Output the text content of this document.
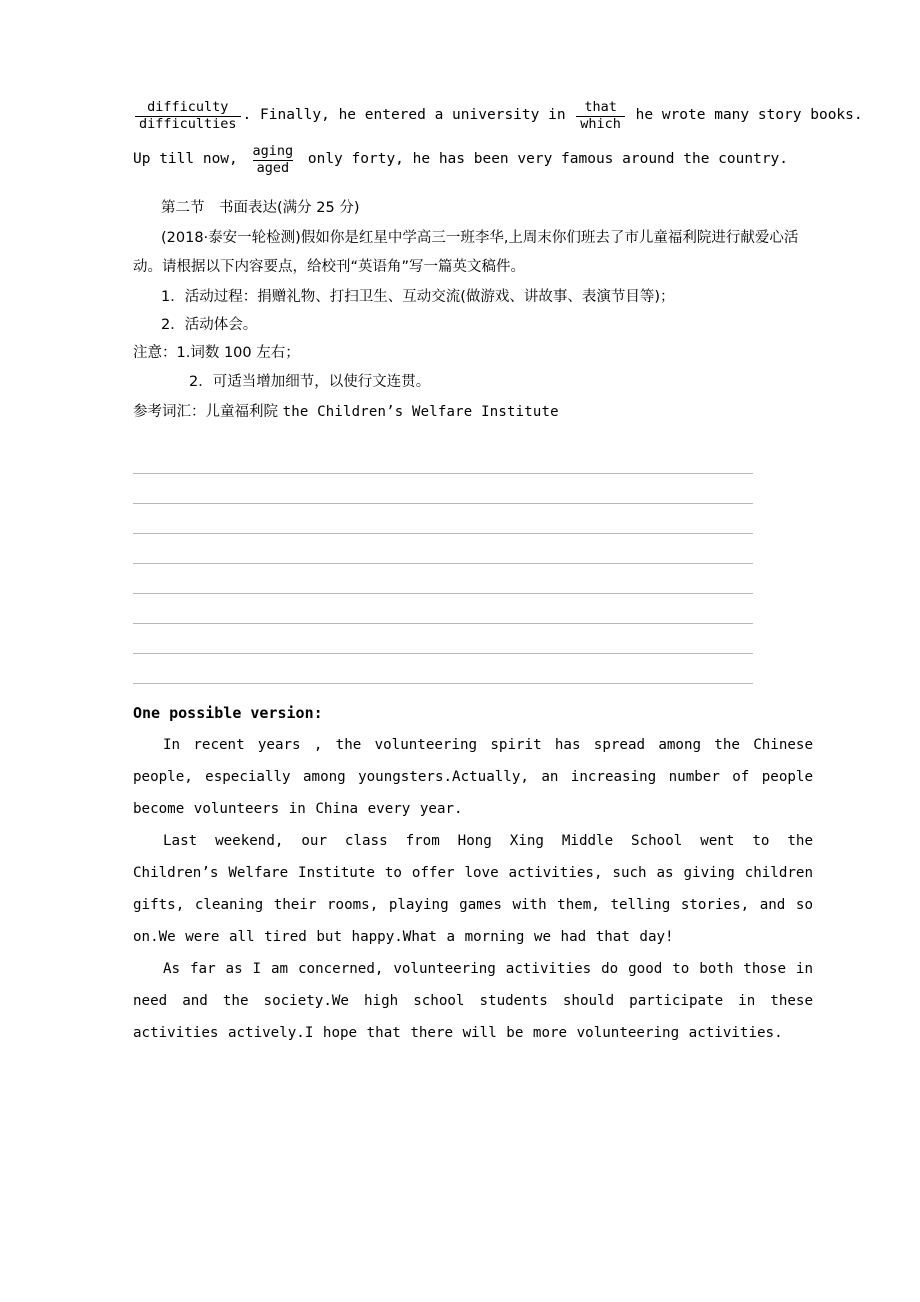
$\frac{\text{difficulty}}{\text{difficulties}}$ . Finally, he entered a university in $\frac{\text{that}}{\text{which}}$ he wrote many story books.
Up till now, $\frac{\text{aging}}{\text{aged}}$ only forty, he has been very famous around the country.
第二节　书面表达(满分 25 分)
(2018·泰安一轮检测)假如你是红星中学高三一班李华,上周末你们班去了市儿童福利院进行献爱心活动。请根据以下内容要点，给校刊“英语角”写一篇英文稿件。
1．活动过程：捐赠礼物、打扫卫生、互动交流(做游戏、讲故事、表演节目等)；
2．活动体会。
注意：1.词数 100 左右；
2．可适当增加细节，以使行文连贯。
参考词汇：儿童福利院 the Children’s Welfare Institute
One possible version:
In recent years , the volunteering spirit has spread among the Chinese people, especially among youngsters.Actually, an increasing number of people become volunteers in China every year.
Last weekend, our class from Hong Xing Middle School went to the Children’s Welfare Institute to offer love activities, such as giving children gifts, cleaning their rooms, playing games with them, telling stories, and so on.We were all tired but happy.What a morning we had that day!
As far as I am concerned, volunteering activities do good to both those in need and the society.We high school students should participate in these activities actively.I hope that there will be more volunteering activities.
